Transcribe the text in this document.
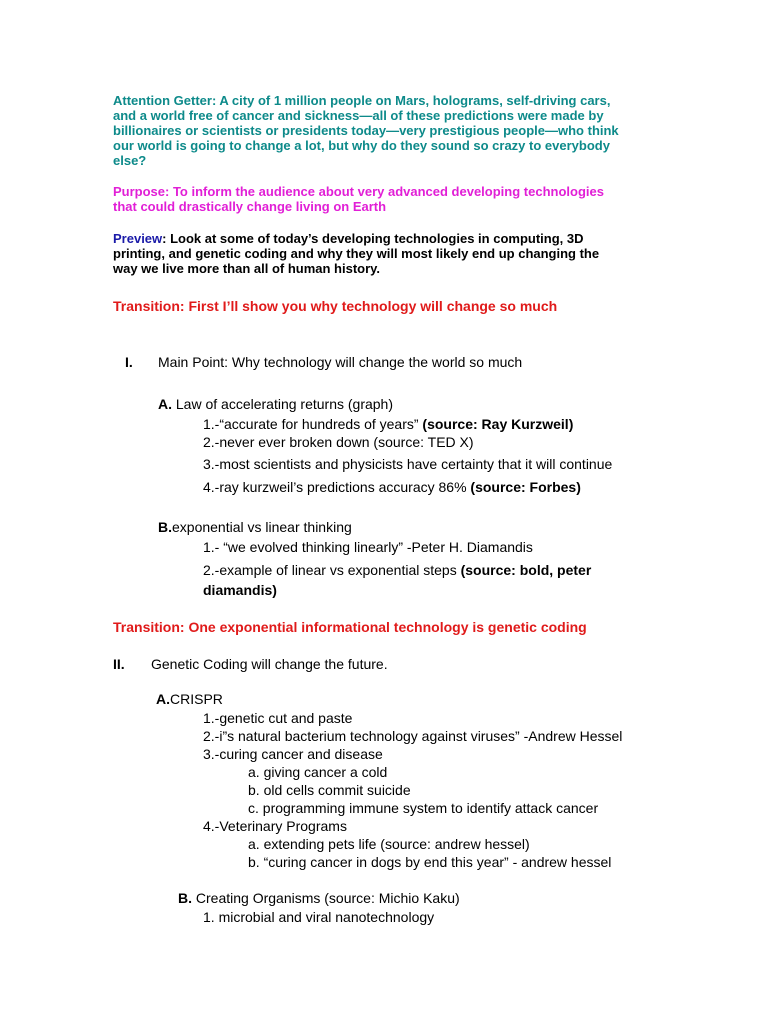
Attention Getter: A city of 1 million people on Mars, holograms, self-driving cars,
and a world free of cancer and sickness—all of these predictions were made by
billionaires or scientists or presidents today—very prestigious people—who think
our world is going to change a lot, but why do they sound so crazy to everybody
else?
Purpose: To inform the audience about very advanced developing technologies
that could drastically change living on Earth
Preview: Look at some of today’s developing technologies in computing, 3D
printing, and genetic coding and why they will most likely end up changing the
way we live more than all of human history.
Transition: First I’ll show you why technology will change so much
I. Main Point: Why technology will change the world so much
A. Law of accelerating returns (graph)
1.-“accurate for hundreds of years” (source: Ray Kurzweil)
2.-never ever broken down (source: TED X)
3.-most scientists and physicists have certainty that it will continue
4.-ray kurzweil’s predictions accuracy 86% (source: Forbes)
B.exponential vs linear thinking
1.- “we evolved thinking linearly” -Peter H. Diamandis
2.-example of linear vs exponential steps (source: bold, peter
diamandis)
Transition: One exponential informational technology is genetic coding
II. Genetic Coding will change the future.
A.CRISPR
1.-genetic cut and paste
2.-i”s natural bacterium technology against viruses” -Andrew Hessel
3.-curing cancer and disease
a. giving cancer a cold
b. old cells commit suicide
c. programming immune system to identify attack cancer
4.-Veterinary Programs
a. extending pets life (source: andrew hessel)
b. “curing cancer in dogs by end this year” - andrew hessel
B. Creating Organisms (source: Michio Kaku)
1. microbial and viral nanotechnology
